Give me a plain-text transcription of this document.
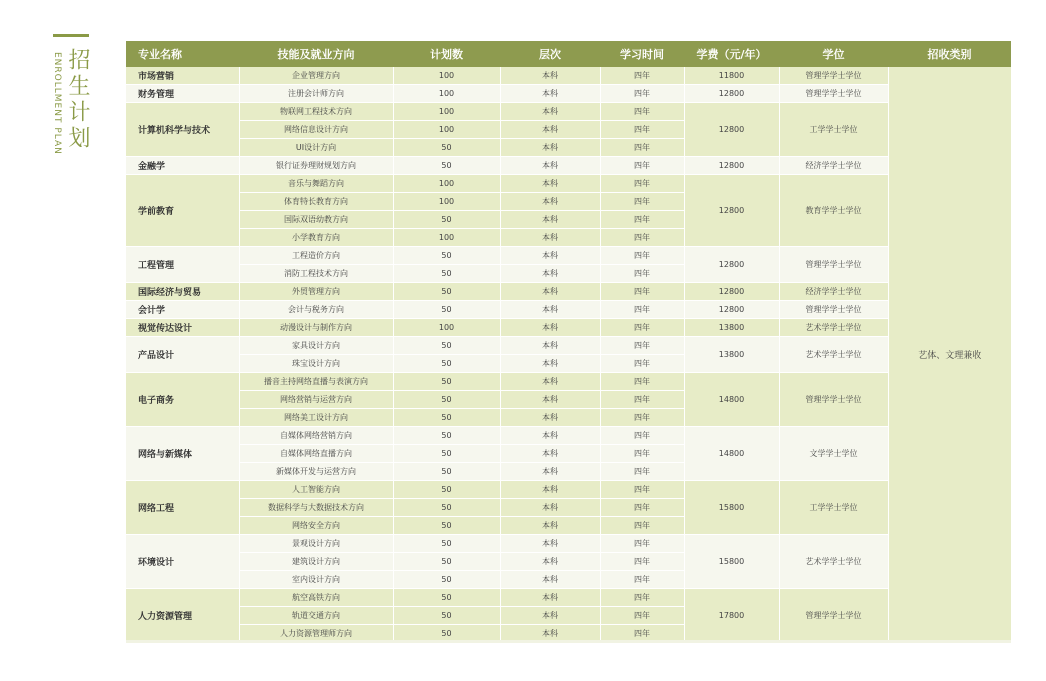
招生计划
ENROLLMENT PLAN	专业名称	技能及就业方向	计划数	层次	学习时间	学费（元/年）	学位	招收类别
市场营销	企业管理方向	100	本科	四年	11800	管理学学士学位	艺体、文理兼收
财务管理	注册会计师方向	100	本科	四年	12800	管理学学士学位	
计算机科学与技术	物联网工程技术方向	100	本科	四年	12800	工学学士学位	
	网络信息设计方向	100	本科	四年			
	UI设计方向	50	本科	四年			
金融学	银行证券理财规划方向	50	本科	四年	12800	经济学学士学位	
学前教育	音乐与舞蹈方向	100	本科	四年	12800	教育学学士学位	
	体育特长教育方向	100	本科	四年			
	国际双语幼教方向	50	本科	四年			
	小学教育方向	100	本科	四年			
工程管理	工程造价方向	50	本科	四年	12800	管理学学士学位	
	消防工程技术方向	50	本科	四年			
国际经济与贸易	外贸管理方向	50	本科	四年	12800	经济学学士学位	
会计学	会计与税务方向	50	本科	四年	12800	管理学学士学位	
视觉传达设计	动漫设计与制作方向	100	本科	四年	13800	艺术学学士学位	
产品设计	家具设计方向	50	本科	四年	13800	艺术学学士学位	
	珠宝设计方向	50	本科	四年			
电子商务	播音主持网络直播与表演方向	50	本科	四年	14800	管理学学士学位	
	网络营销与运营方向	50	本科	四年			
	网络美工设计方向	50	本科	四年			
网络与新媒体	自媒体网络营销方向	50	本科	四年	14800	文学学士学位	
	自媒体网络直播方向	50	本科	四年			
	新媒体开发与运营方向	50	本科	四年			
网络工程	人工智能方向	50	本科	四年	15800	工学学士学位	
	数据科学与大数据技术方向	50	本科	四年			
	网络安全方向	50	本科	四年			
环境设计	景观设计方向	50	本科	四年	15800	艺术学学士学位	
	建筑设计方向	50	本科	四年			
	室内设计方向	50	本科	四年			
人力资源管理	航空高铁方向	50	本科	四年	17800	管理学学士学位	
	轨道交通方向	50	本科	四年			
	人力资源管理师方向	50	本科	四年			
